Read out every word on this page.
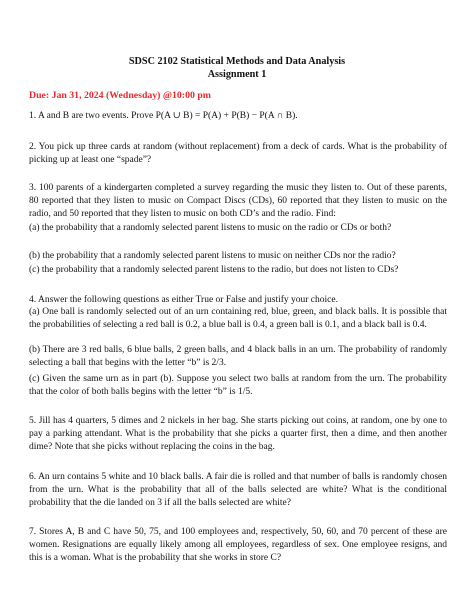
SDSC 2102 Statistical Methods and Data Analysis
Assignment 1
Due: Jan 31, 2024 (Wednesday) @10:00 pm
1. A and B are two events. Prove P(A ∪ B) = P(A) + P(B) − P(A ∩ B).
2. You pick up three cards at random (without replacement) from a deck of cards. What is the probability of picking up at least one “spade”?
3. 100 parents of a kindergarten completed a survey regarding the music they listen to. Out of these parents, 80 reported that they listen to music on Compact Discs (CDs), 60 reported that they listen to music on the radio, and 50 reported that they listen to music on both CD’s and the radio. Find:
(a) the probability that a randomly selected parent listens to music on the radio or CDs or both?
(b) the probability that a randomly selected parent listens to music on neither CDs nor the radio?
(c) the probability that a randomly selected parent listens to the radio, but does not listen to CDs?
4. Answer the following questions as either True or False and justify your choice.
(a) One ball is randomly selected out of an urn containing red, blue, green, and black balls. It is possible that the probabilities of selecting a red ball is 0.2, a blue ball is 0.4, a green ball is 0.1, and a black ball is 0.4.
(b) There are 3 red balls, 6 blue balls, 2 green balls, and 4 black balls in an urn. The probability of randomly selecting a ball that begins with the letter “b” is 2/3.
(c) Given the same urn as in part (b). Suppose you select two balls at random from the urn. The probability that the color of both balls begins with the letter “b” is 1/5.
5. Jill has 4 quarters, 5 dimes and 2 nickels in her bag. She starts picking out coins, at random, one by one to pay a parking attendant. What is the probability that she picks a quarter first, then a dime, and then another dime? Note that she picks without replacing the coins in the bag.
6. An urn contains 5 white and 10 black balls. A fair die is rolled and that number of balls is randomly chosen from the urn. What is the probability that all of the balls selected are white? What is the conditional probability that the die landed on 3 if all the balls selected are white?
7. Stores A, B and C have 50, 75, and 100 employees and, respectively, 50, 60, and 70 percent of these are women. Resignations are equally likely among all employees, regardless of sex. One employee resigns, and this is a woman. What is the probability that she works in store C?
